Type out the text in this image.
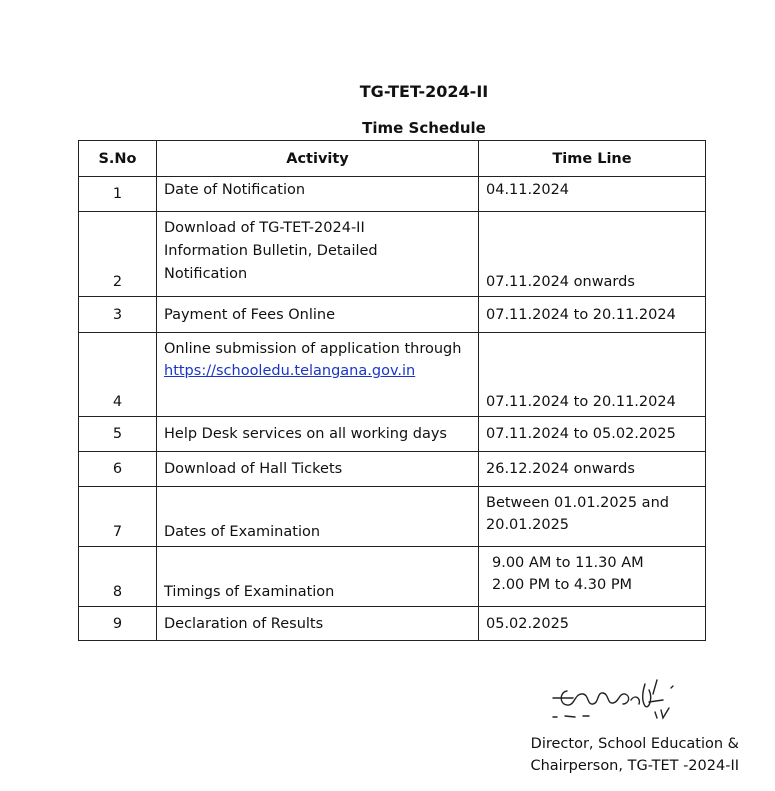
TG-TET-2024-II
Time Schedule
S.No	Activity	Time Line
1	Date of Notification	04.11.2024

2	Download of TG-TET-2024-II
Information Bulletin, Detailed
Notification	07.11.2024 onwards

3	Payment of Fees Online	07.11.2024 to 20.11.2024

4	Online submission of application through
https://schooledu.telangana.gov.in	07.11.2024 to 20.11.2024

5	Help Desk services on all working days	07.11.2024 to 05.02.2025

6	Download of Hall Tickets	26.12.2024 onwards

7	Dates of Examination	Between 01.01.2025 and
20.01.2025

8	Timings of Examination	9.00 AM to 11.30 AM
2.00 PM to 4.30 PM

9	Declaration of Results	05.02.2025
Director, School Education &
Chairperson, TG-TET -2024-II
